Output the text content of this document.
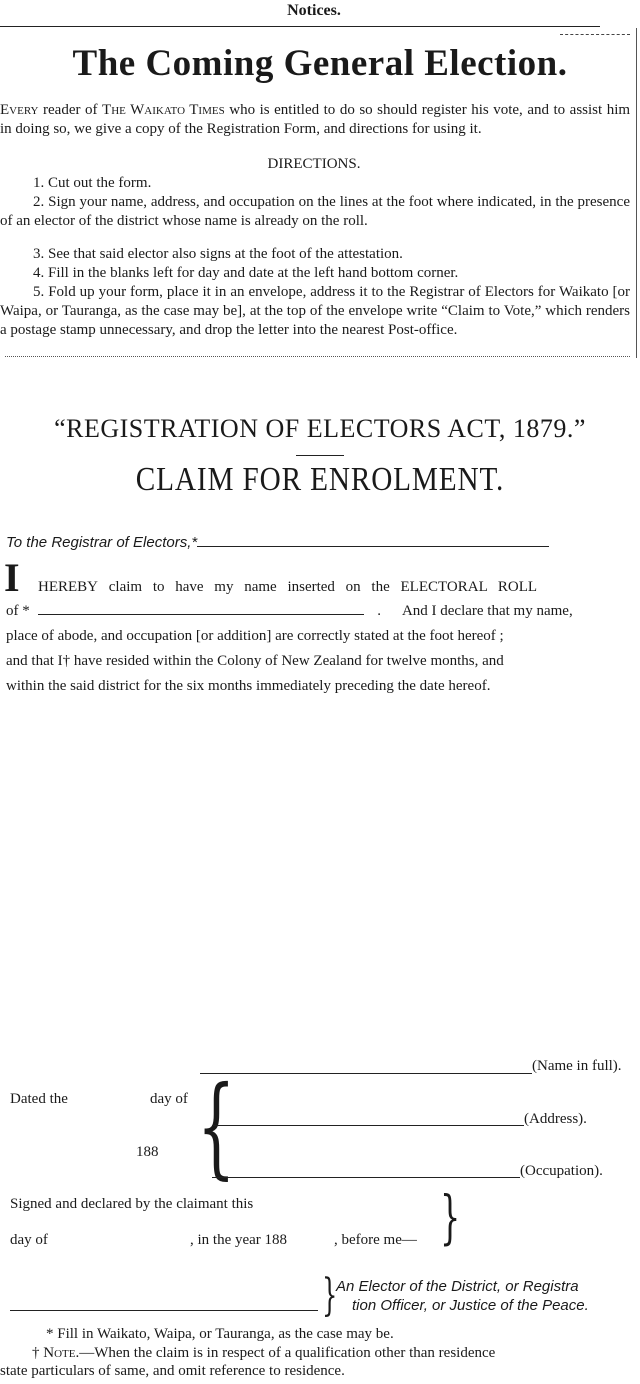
Notices.
The Coming General Election.
Every reader of The Waikato Times who is entitled to do so should register his vote, and to assist him in doing so, we give a copy of the Registration Form, and directions for using it.
DIRECTIONS.
1. Cut out the form.
2. Sign your name, address, and occupation on the lines at the foot where indicated, in the presence of an elector of the district whose name is already on the roll.
3. See that said elector also signs at the foot of the attestation.
4. Fill in the blanks left for day and date at the left hand bottom corner.
5. Fold up your form, place it in an envelope, address it to the Registrar of Electors for Waikato [or Waipa, or Tauranga, as the case may be], at the top of the envelope write “Claim to Vote,” which renders a postage stamp unnecessary, and drop the letter into the nearest Post-office.
“REGISTRATION OF ELECTORS ACT, 1879.”
CLAIM FOR ENROLMENT.
To the Registrar of Electors,*
I HEREBY claim to have my name inserted on the ELECTORAL ROLL
of *	. And I declare that my name,
place of abode, and occupation [or addition] are correctly stated at the foot hereof ;
and that I† have resided within the Colony of New Zealand for twelve months, and
within the said district for the six months immediately preceding the date hereof.
(Name in full).
Dated the	day of {	(Address).
188
(Occupation).
Signed and declared by the claimant this	}
day of	, in the year 188	, before me—
}
An Elector of the District, or Registra
tion Officer, or Justice of the Peace.
* Fill in Waikato, Waipa, or Tauranga, as the case may be.
† Note.—When the claim is in respect of a qualification other than residence
state particulars of same, and omit reference to residence.
